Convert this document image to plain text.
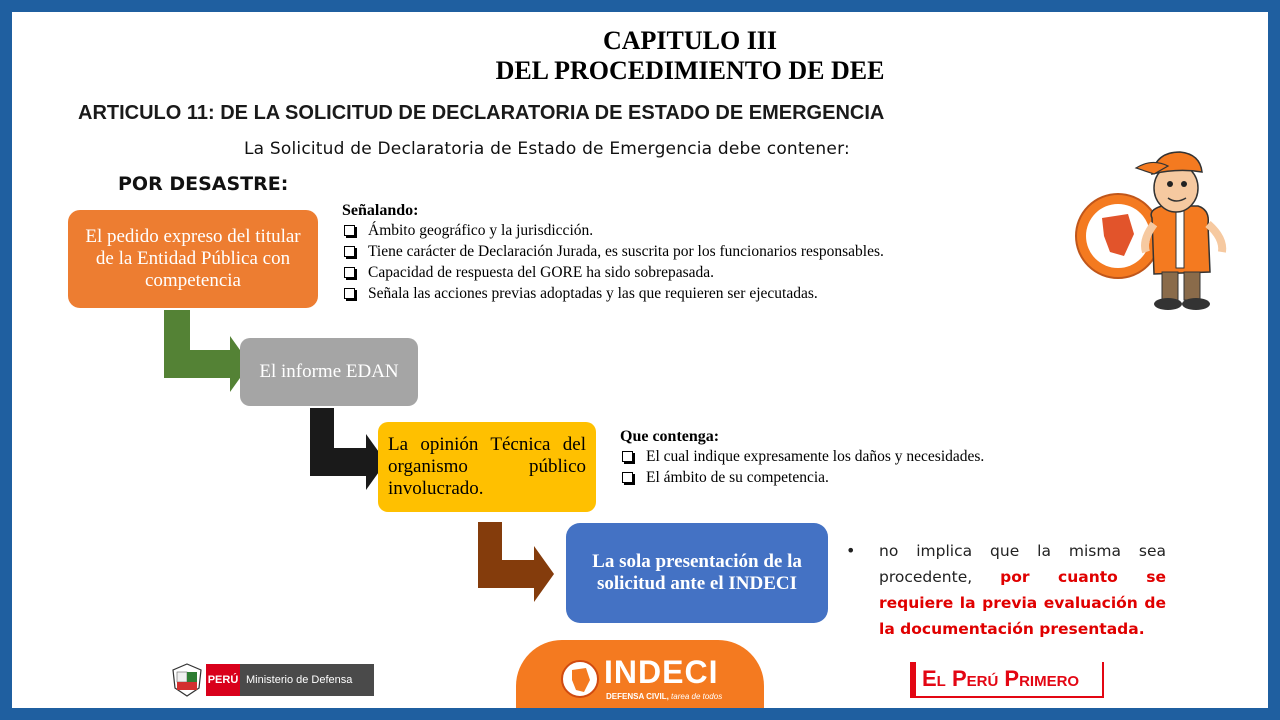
CAPITULO III
DEL PROCEDIMIENTO DE DEE
ARTICULO 11: DE LA SOLICITUD DE DECLARATORIA DE ESTADO DE EMERGENCIA
La Solicitud de Declaratoria de Estado de Emergencia debe contener:
POR DESASTRE:
El pedido expreso del titular de la Entidad Pública con competencia
El informe EDAN
La opinión Técnica del organismo público involucrado.
La sola presentación de la solicitud ante el INDECI
Señalando:
Ámbito geográfico y la jurisdicción.
Tiene carácter de Declaración Jurada, es suscrita por los funcionarios responsables.
Capacidad de respuesta del GORE ha sido sobrepasada.
Señala las acciones previas adoptadas y las que requieren ser ejecutadas.
Que contenga:
El cual indique expresamente los daños y necesidades.
El ámbito de su competencia.
• no implica que la misma sea procedente, por cuanto se requiere la previa evaluación de la documentación presentada.
PERÚ Ministerio de Defensa	INDECI
DEFENSA CIVIL, tarea de todos
El Perú Primero
